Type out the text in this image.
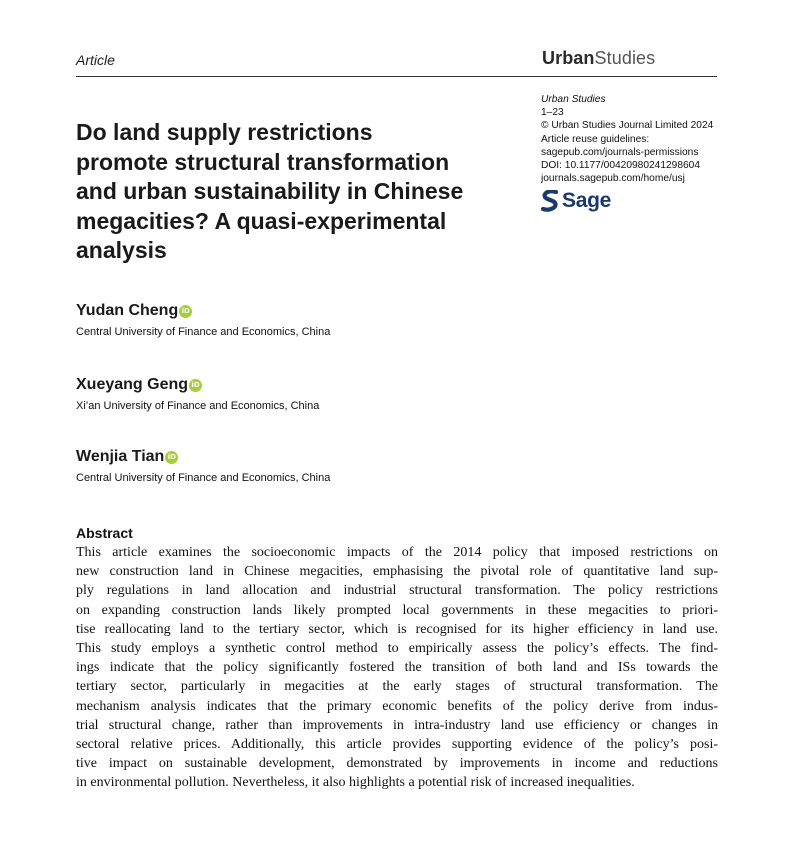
Article	UrbanStudies
Urban Studies
1–23
© Urban Studies Journal Limited 2024
Article reuse guidelines:
sagepub.com/journals-permissions
DOI: 10.1177/00420980241298604
journals.sagepub.com/home/usj
Sage
Do land supply restrictions
promote structural transformation
and urban sustainability in Chinese
megacities? A quasi-experimental
analysis
Yudan Cheng iD
Central University of Finance and Economics, China
Xueyang Geng iD
Xi’an University of Finance and Economics, China
Wenjia Tian iD
Central University of Finance and Economics, China
Abstract
This article examines the socioeconomic impacts of the 2014 policy that imposed restrictions on
new construction land in Chinese megacities, emphasising the pivotal role of quantitative land sup-
ply regulations in land allocation and industrial structural transformation. The policy restrictions
on expanding construction lands likely prompted local governments in these megacities to priori-
tise reallocating land to the tertiary sector, which is recognised for its higher efficiency in land use.
This study employs a synthetic control method to empirically assess the policy’s effects. The find-
ings indicate that the policy significantly fostered the transition of both land and ISs towards the
tertiary sector, particularly in megacities at the early stages of structural transformation. The
mechanism analysis indicates that the primary economic benefits of the policy derive from indus-
trial structural change, rather than improvements in intra-industry land use efficiency or changes in
sectoral relative prices. Additionally, this article provides supporting evidence of the policy’s posi-
tive impact on sustainable development, demonstrated by improvements in income and reductions
in environmental pollution. Nevertheless, it also highlights a potential risk of increased inequalities.
